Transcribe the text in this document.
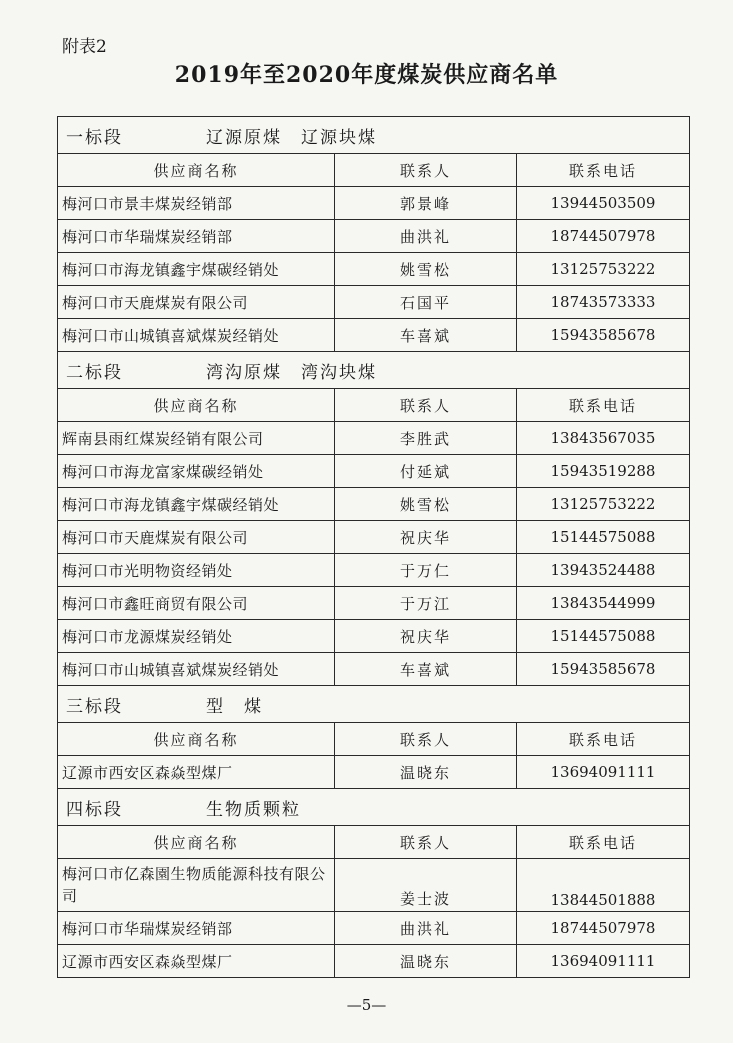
附表2
2019年至2020年度煤炭供应商名单
一标段 辽源原煤　辽源块煤		
供应商名称	联系人	联系电话
梅河口市景丰煤炭经销部	郭景峰	13944503509
梅河口市华瑞煤炭经销部	曲洪礼	18744507978
梅河口市海龙镇鑫宇煤碳经销处	姚雪松	13125753222
梅河口市天鹿煤炭有限公司	石国平	18743573333
梅河口市山城镇喜斌煤炭经销处	车喜斌	15943585678
二标段 湾沟原煤　湾沟块煤		
供应商名称	联系人	联系电话
辉南县雨红煤炭经销有限公司	李胜武	13843567035
梅河口市海龙富家煤碳经销处	付延斌	15943519288
梅河口市海龙镇鑫宇煤碳经销处	姚雪松	13125753222
梅河口市天鹿煤炭有限公司	祝庆华	15144575088
梅河口市光明物资经销处	于万仁	13943524488
梅河口市鑫旺商贸有限公司	于万江	13843544999
梅河口市龙源煤炭经销处	祝庆华	15144575088
梅河口市山城镇喜斌煤炭经销处	车喜斌	15943585678
三标段 型　煤		
供应商名称	联系人	联系电话
辽源市西安区森焱型煤厂	温晓东	13694091111
四标段 生物质颗粒		
供应商名称	联系人	联系电话
梅河口市亿森園生物质能源科技有限公司	姜士波	13844501888
梅河口市华瑞煤炭经销部	曲洪礼	18744507978
辽源市西安区森焱型煤厂	温晓东	13694091111
—5—
